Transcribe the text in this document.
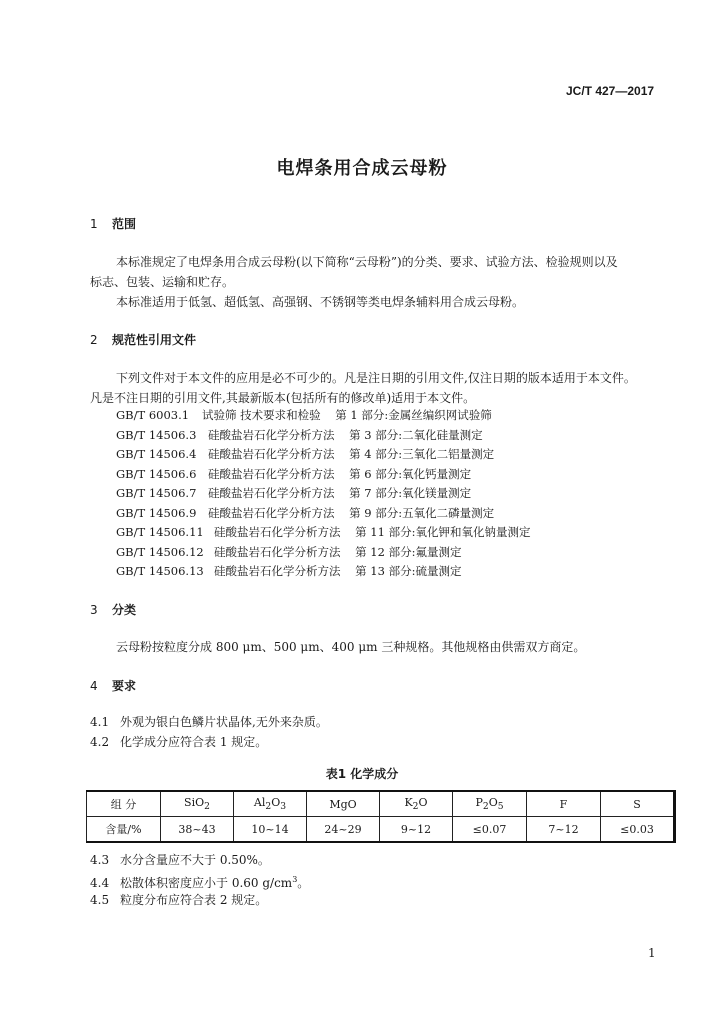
JC/T 427—2017
电焊条用合成云母粉
1 范围
本标准规定了电焊条用合成云母粉(以下简称“云母粉”)的分类、要求、试验方法、检验规则以及
标志、包装、运输和贮存。
本标准适用于低氢、超低氢、高强钢、不锈钢等类电焊条辅料用合成云母粉。
2 规范性引用文件
下列文件对于本文件的应用是必不可少的。凡是注日期的引用文件,仅注日期的版本适用于本文件。
凡是不注日期的引用文件,其最新版本(包括所有的修改单)适用于本文件。
GB/T 6003.1 试验筛 技术要求和检验 第 1 部分:金属丝编织网试验筛
GB/T 14506.3 硅酸盐岩石化学分析方法 第 3 部分:二氧化硅量测定
GB/T 14506.4 硅酸盐岩石化学分析方法 第 4 部分:三氧化二铝量测定
GB/T 14506.6 硅酸盐岩石化学分析方法 第 6 部分:氧化钙量测定
GB/T 14506.7 硅酸盐岩石化学分析方法 第 7 部分:氧化镁量测定
GB/T 14506.9 硅酸盐岩石化学分析方法 第 9 部分:五氧化二磷量测定
GB/T 14506.11 硅酸盐岩石化学分析方法 第 11 部分:氧化钾和氧化钠量测定
GB/T 14506.12 硅酸盐岩石化学分析方法 第 12 部分:氟量测定
GB/T 14506.13 硅酸盐岩石化学分析方法 第 13 部分:硫量测定
3 分类
云母粉按粒度分成 800 μm、500 μm、400 μm 三种规格。其他规格由供需双方商定。
4 要求
4.1 外观为银白色鳞片状晶体,无外来杂质。
4.2 化学成分应符合表 1 规定。
表1 化学成分
组 分	SiO$_2$	$Al_2O_3$	MgO	$K_2O$	$P_2O_5$	F	S
含量/%	38~43	10~14	24~29	9~12	≤0.07	7~12	≤0.03
4.3 水分含量应不大于 0.50%。
4.4 松散体积密度应小于 0.60 $g/cm^3$。
4.5 粒度分布应符合表 2 规定。
1
